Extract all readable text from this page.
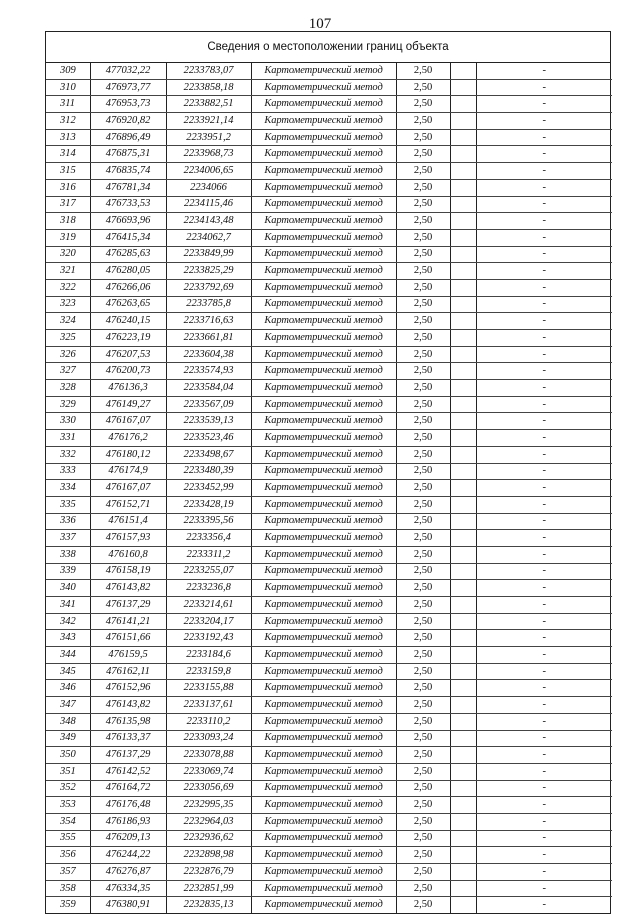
107
Сведения о местоположении границ объекта
309	477032,22	2233783,07	Картометрический метод	2,50		-
310	476973,77	2233858,18	Картометрический метод	2,50		-
311	476953,73	2233882,51	Картометрический метод	2,50		-
312	476920,82	2233921,14	Картометрический метод	2,50		-
313	476896,49	2233951,2	Картометрический метод	2,50		-
314	476875,31	2233968,73	Картометрический метод	2,50		-
315	476835,74	2234006,65	Картометрический метод	2,50		-
316	476781,34	2234066	Картометрический метод	2,50		-
317	476733,53	2234115,46	Картометрический метод	2,50		-
318	476693,96	2234143,48	Картометрический метод	2,50		-
319	476415,34	2234062,7	Картометрический метод	2,50		-
320	476285,63	2233849,99	Картометрический метод	2,50		-
321	476280,05	2233825,29	Картометрический метод	2,50		-
322	476266,06	2233792,69	Картометрический метод	2,50		-
323	476263,65	2233785,8	Картометрический метод	2,50		-
324	476240,15	2233716,63	Картометрический метод	2,50		-
325	476223,19	2233661,81	Картометрический метод	2,50		-
326	476207,53	2233604,38	Картометрический метод	2,50		-
327	476200,73	2233574,93	Картометрический метод	2,50		-
328	476136,3	2233584,04	Картометрический метод	2,50		-
329	476149,27	2233567,09	Картометрический метод	2,50		-
330	476167,07	2233539,13	Картометрический метод	2,50		-
331	476176,2	2233523,46	Картометрический метод	2,50		-
332	476180,12	2233498,67	Картометрический метод	2,50		-
333	476174,9	2233480,39	Картометрический метод	2,50		-
334	476167,07	2233452,99	Картометрический метод	2,50		-
335	476152,71	2233428,19	Картометрический метод	2,50		-
336	476151,4	2233395,56	Картометрический метод	2,50		-
337	476157,93	2233356,4	Картометрический метод	2,50		-
338	476160,8	2233311,2	Картометрический метод	2,50		-
339	476158,19	2233255,07	Картометрический метод	2,50		-
340	476143,82	2233236,8	Картометрический метод	2,50		-
341	476137,29	2233214,61	Картометрический метод	2,50		-
342	476141,21	2233204,17	Картометрический метод	2,50		-
343	476151,66	2233192,43	Картометрический метод	2,50		-
344	476159,5	2233184,6	Картометрический метод	2,50		-
345	476162,11	2233159,8	Картометрический метод	2,50		-
346	476152,96	2233155,88	Картометрический метод	2,50		-
347	476143,82	2233137,61	Картометрический метод	2,50		-
348	476135,98	2233110,2	Картометрический метод	2,50		-
349	476133,37	2233093,24	Картометрический метод	2,50		-
350	476137,29	2233078,88	Картометрический метод	2,50		-
351	476142,52	2233069,74	Картометрический метод	2,50		-
352	476164,72	2233056,69	Картометрический метод	2,50		-
353	476176,48	2232995,35	Картометрический метод	2,50		-
354	476186,93	2232964,03	Картометрический метод	2,50		-
355	476209,13	2232936,62	Картометрический метод	2,50		-
356	476244,22	2232898,98	Картометрический метод	2,50		-
357	476276,87	2232876,79	Картометрический метод	2,50		-
358	476334,35	2232851,99	Картометрический метод	2,50		-
359	476380,91	2232835,13	Картометрический метод	2,50		-
